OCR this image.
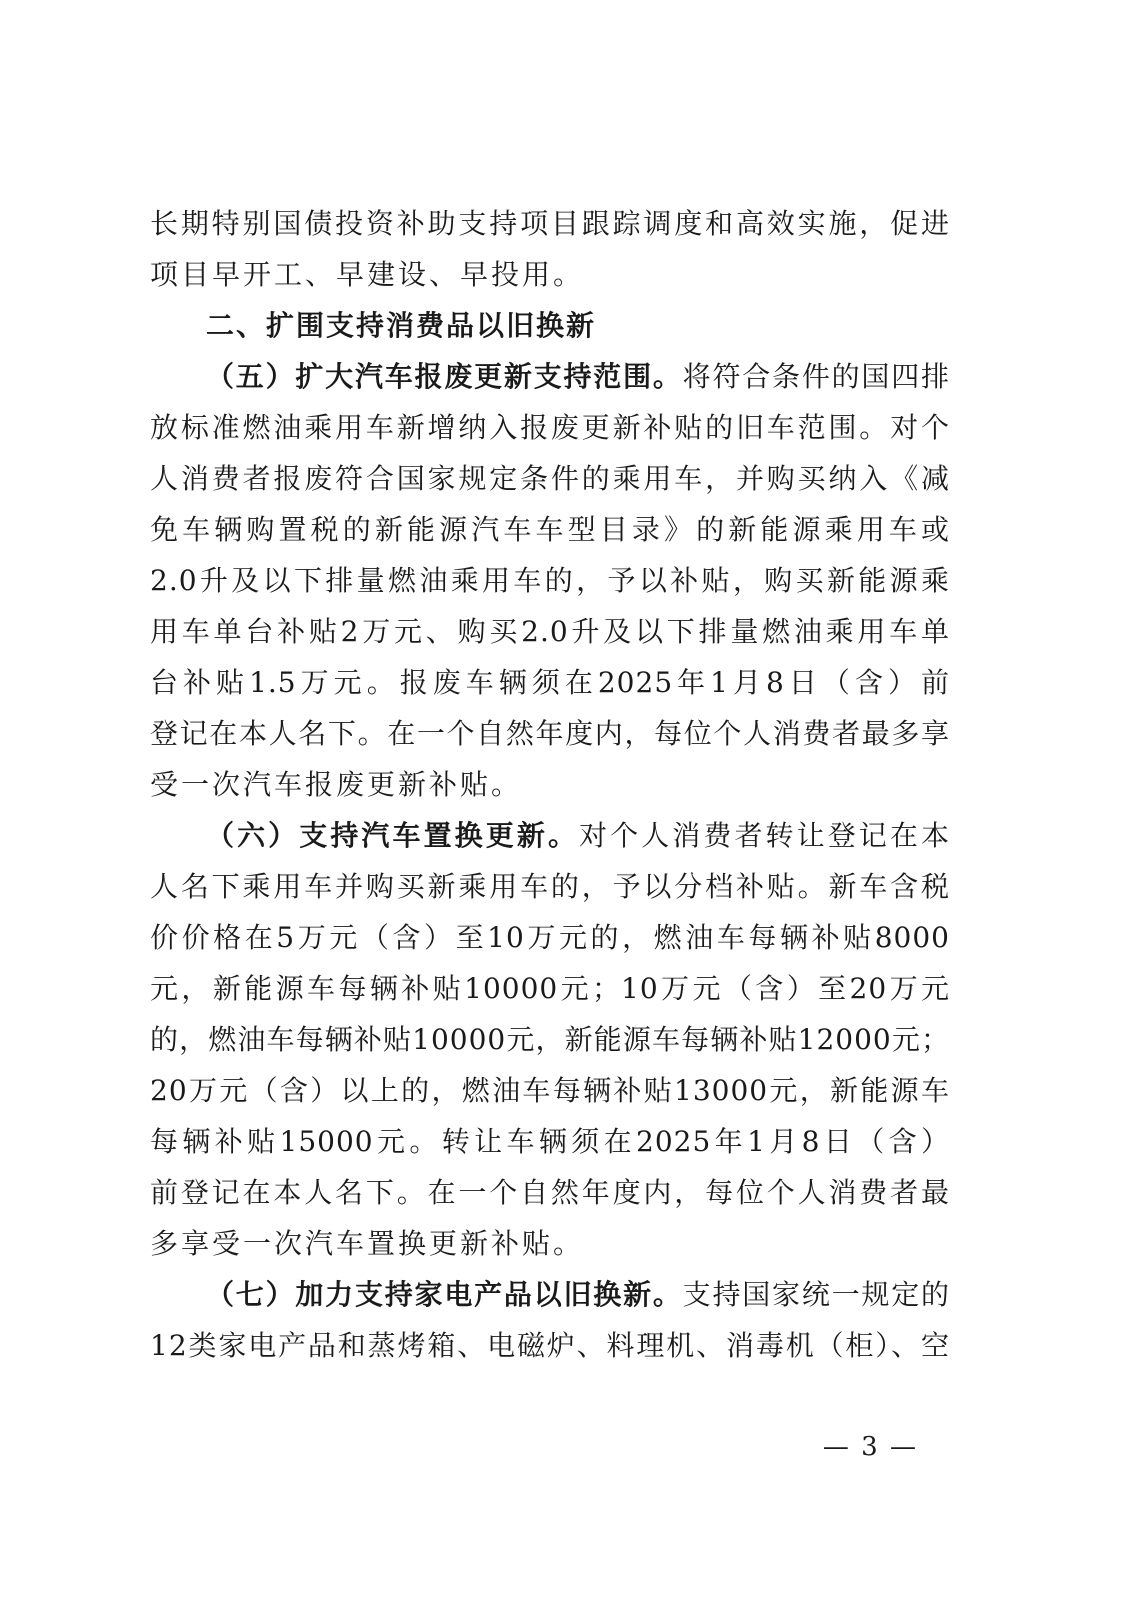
长期特别国债投资补助支持项目跟踪调度和高效实施，促进
项目早开工、早建设、早投用。
二、扩围支持消费品以旧换新
（五）扩大汽车报废更新支持范围。将符合条件的国四排
放标准燃油乘用车新增纳入报废更新补贴的旧车范围。对个
人消费者报废符合国家规定条件的乘用车，并购买纳入《减
免车辆购置税的新能源汽车车型目录》的新能源乘用车或
2.0升及以下排量燃油乘用车的，予以补贴，购买新能源乘
用车单台补贴2万元、购买2.0升及以下排量燃油乘用车单
台补贴1.5万元。报废车辆须在2025年1月8日（含）前
登记在本人名下。在一个自然年度内，每位个人消费者最多享
受一次汽车报废更新补贴。
（六）支持汽车置换更新。对个人消费者转让登记在本
人名下乘用车并购买新乘用车的，予以分档补贴。新车含税
价价格在5万元（含）至10万元的，燃油车每辆补贴8000
元，新能源车每辆补贴10000元；10万元（含）至20万元
的，燃油车每辆补贴10000元，新能源车每辆补贴12000元；
20万元（含）以上的，燃油车每辆补贴13000元，新能源车
每辆补贴15000元。转让车辆须在2025年1月8日（含）
前登记在本人名下。在一个自然年度内，每位个人消费者最
多享受一次汽车置换更新补贴。
（七）加力支持家电产品以旧换新。支持国家统一规定的
12类家电产品和蒸烤箱、电磁炉、料理机、消毒机（柜）、空
— 3 —
